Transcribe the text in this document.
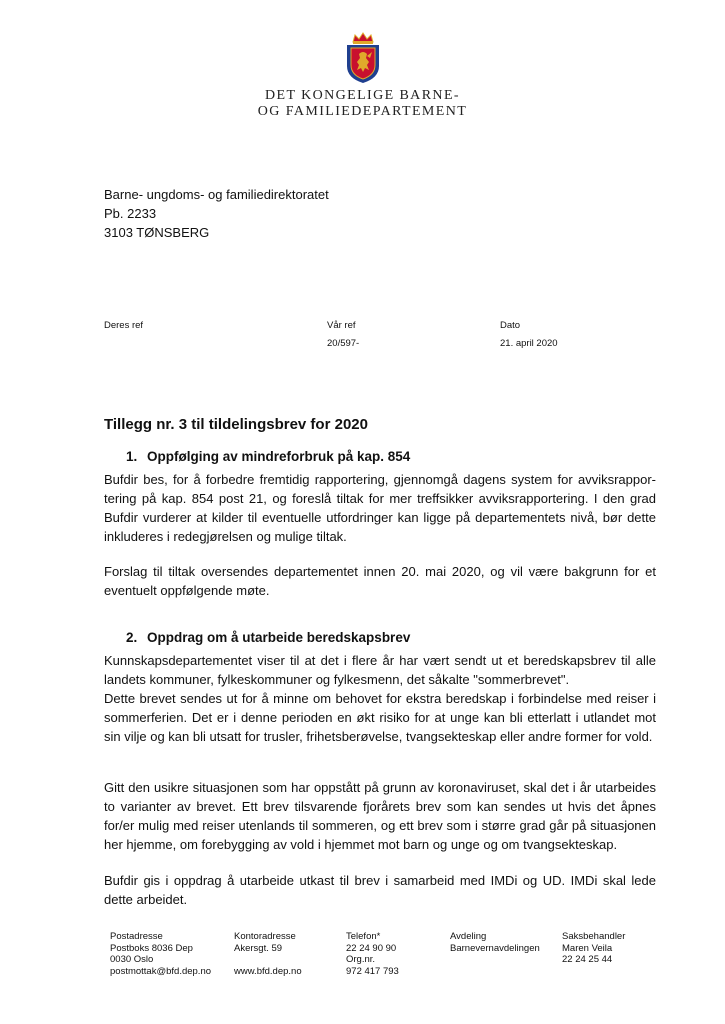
DET KONGELIGE BARNE-
OG FAMILIEDEPARTEMENT
Barne- ungdoms- og familiedirektoratet
Pb. 2233
3103 TØNSBERG
Deres ref	Vår ref
20/597-
Dato
21. april 2020
Tillegg nr. 3 til tildelingsbrev for 2020
1. Oppfølging av mindreforbruk på kap. 854
Bufdir bes, for å forbedre fremtidig rapportering, gjennomgå dagens system for avviksrappor-tering på kap. 854 post 21, og foreslå tiltak for mer treffsikker avviksrapportering. I den grad Bufdir vurderer at kilder til eventuelle utfordringer kan ligge på departementets nivå, bør dette inkluderes i redegjørelsen og mulige tiltak.
Forslag til tiltak oversendes departementet innen 20. mai 2020, og vil være bakgrunn for et eventuelt oppfølgende møte.
2. Oppdrag om å utarbeide beredskapsbrev
Kunnskapsdepartementet viser til at det i flere år har vært sendt ut et beredskapsbrev til alle landets kommuner, fylkeskommuner og fylkesmenn, det såkalte "sommerbrevet".
Dette brevet sendes ut for å minne om behovet for ekstra beredskap i forbindelse med reiser i sommerferien. Det er i denne perioden en økt risiko for at unge kan bli etterlatt i utlandet mot sin vilje og kan bli utsatt for trusler, frihetsberøvelse, tvangsekteskap eller andre former for vold.
Gitt den usikre situasjonen som har oppstått på grunn av koronaviruset, skal det i år utarbeides to varianter av brevet. Ett brev tilsvarende fjorårets brev som kan sendes ut hvis det åpnes for/er mulig med reiser utenlands til sommeren, og ett brev som i større grad går på situasjonen her hjemme, om forebygging av vold i hjemmet mot barn og unge og om tvangsekteskap.
Bufdir gis i oppdrag å utarbeide utkast til brev i samarbeid med IMDi og UD. IMDi skal lede dette arbeidet.
Postadresse
Postboks 8036 Dep
0030 Oslo
postmottak@bfd.dep.no
Kontoradresse
Akersgt. 59

www.bfd.dep.no
Telefon*
22 24 90 90
Org.nr.
972 417 793
Avdeling
Barnevernavdelingen
Saksbehandler
Maren Veila
22 24 25 44
